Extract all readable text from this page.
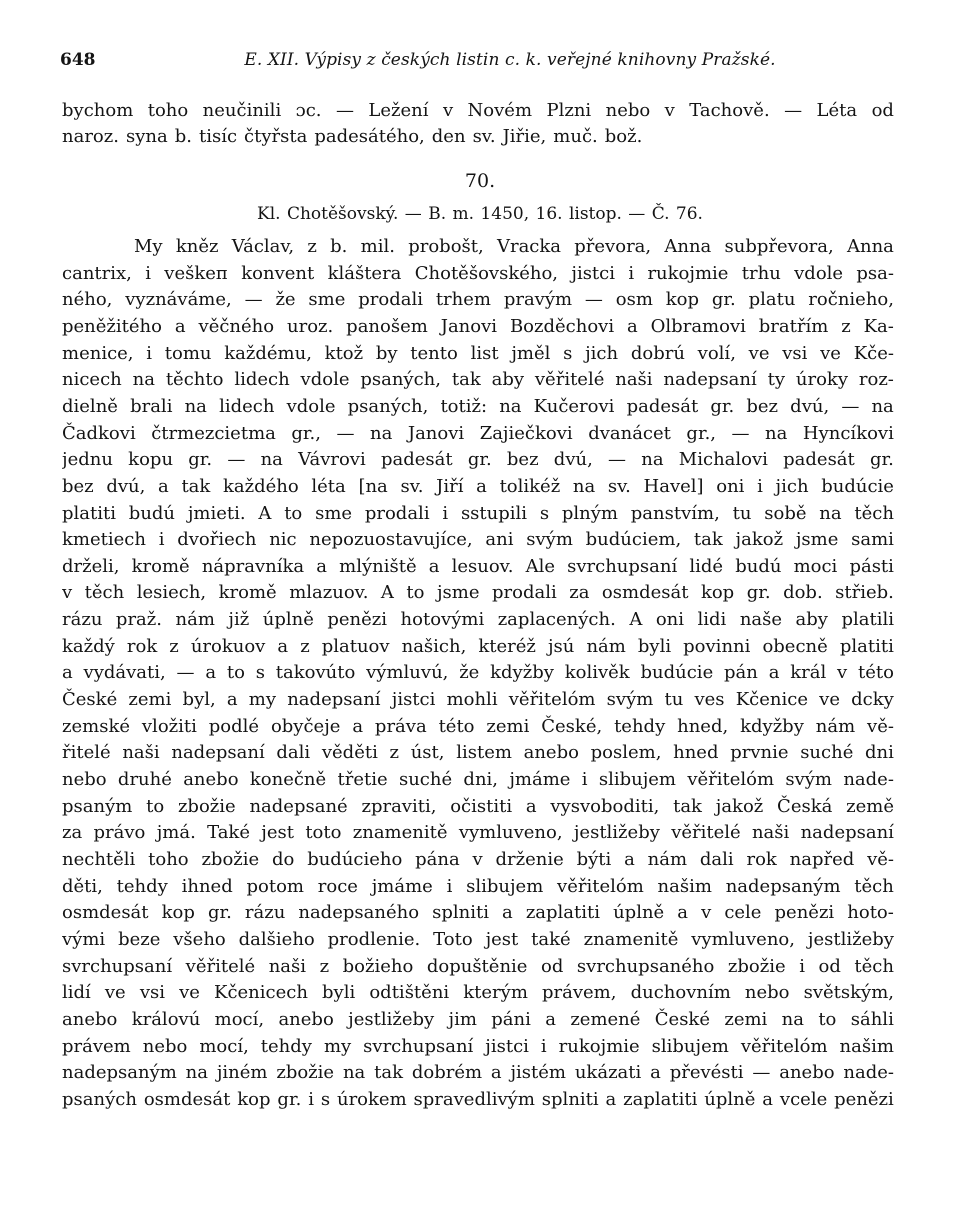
648	E. XII. Výpisy z českých listin c. k. veřejné knihovny Pražské.
bychom toho neučinili ɔc. — Ležení v Novém Plzni nebo v Tachově. — Léta od
naroz. syna b. tisíc čtyřsta padesátého, den sv. Jiřie, muč. bož.
70.
Kl. Chotěšovský. — B. m. 1450, 16. listop. — Č. 76.
My kněz Václav, z b. mil. probošt, Vracka převora, Anna subpřevora, Anna
cantrix, i veškeп konvent kláštera Chotěšovského, jistci i rukojmie trhu vdole psa-
ného, vyznáváme, — že sme prodali trhem pravým — osm kop gr. platu ročnieho,
peněžitého a věčného uroz. panošem Janovi Bozděchovi a Olbramovi bratřím z Ka-
menice, i tomu každému, ktož by tento list jměl s jich dobrú volí, ve vsi ve Kče-
nicech na těchto lidech vdole psaných, tak aby věřitelé naši nadepsaní ty úroky roz-
dielně brali na lidech vdole psaných, totiž: na Kučerovi padesát gr. bez dvú, — na
Čadkovi čtrmezcietma gr., — na Janovi Zajiečkovi dvanácet gr., — na Hyncíkovi
jednu kopu gr. — na Vávrovi padesát gr. bez dvú, — na Michalovi padesát gr.
bez dvú, a tak každého léta [na sv. Jiří a tolikéž na sv. Havel] oni i jich budúcie
platiti budú jmieti. A to sme prodali i sstupili s plným panstvím, tu sobě na těch
kmetiech i dvořiech nic nepozuostavujíce, ani svým budúciem, tak jakož jsme sami
drželi, kromě nápravníka a mlýniště a lesuov. Ale svrchupsaní lidé budú moci pásti
v těch lesiech, kromě mlazuov. A to jsme prodali za osmdesát kop gr. dob. střieb.
rázu praž. nám již úplně penězi hotovými zaplacených. A oni lidi naše aby platili
každý rok z úrokuov a z platuov našich, kteréž jsú nám byli povinni obecně platiti
a vydávati, — a to s takovúto výmluvú, že kdyžby kolivěk budúcie pán a král v této
České zemi byl, a my nadepsaní jistci mohli věřitelóm svým tu ves Kčenice ve dcky
zemské vložiti podlé obyčeje a práva této zemi České, tehdy hned, kdyžby nám vě-
řitelé naši nadepsaní dali věděti z úst, listem anebo poslem, hned prvnie suché dni
nebo druhé anebo konečně třetie suché dni, jmáme i slibujem věřitelóm svým nade-
psaným to zbožie nadepsané zpraviti, očistiti a vysvoboditi, tak jakož Česká země
za právo jmá. Také jest toto znamenitě vymluveno, jestližeby věřitelé naši nadepsaní
nechtěli toho zbožie do budúcieho pána v drženie býti a nám dali rok napřed vě-
děti, tehdy ihned potom roce jmáme i slibujem věřitelóm našim nadepsaným těch
osmdesát kop gr. rázu nadepsaného splniti a zaplatiti úplně a v cele penězi hoto-
vými beze všeho dalšieho prodlenie. Toto jest také znamenitě vymluveno, jestližeby
svrchupsaní věřitelé naši z božieho dopuštěnie od svrchupsaného zbožie i od těch
lidí ve vsi ve Kčenicech byli odtištěni kterým právem, duchovním nebo světským,
anebo královú mocí, anebo jestližeby jim páni a zemené České zemi na to sáhli
právem nebo mocí, tehdy my svrchupsaní jistci i rukojmie slibujem věřitelóm našim
nadepsaným na jiném zbožie na tak dobrém a jistém ukázati a převésti — anebo nade-
psaných osmdesát kop gr. i s úrokem spravedlivým splniti a zaplatiti úplně a vcele penězi
